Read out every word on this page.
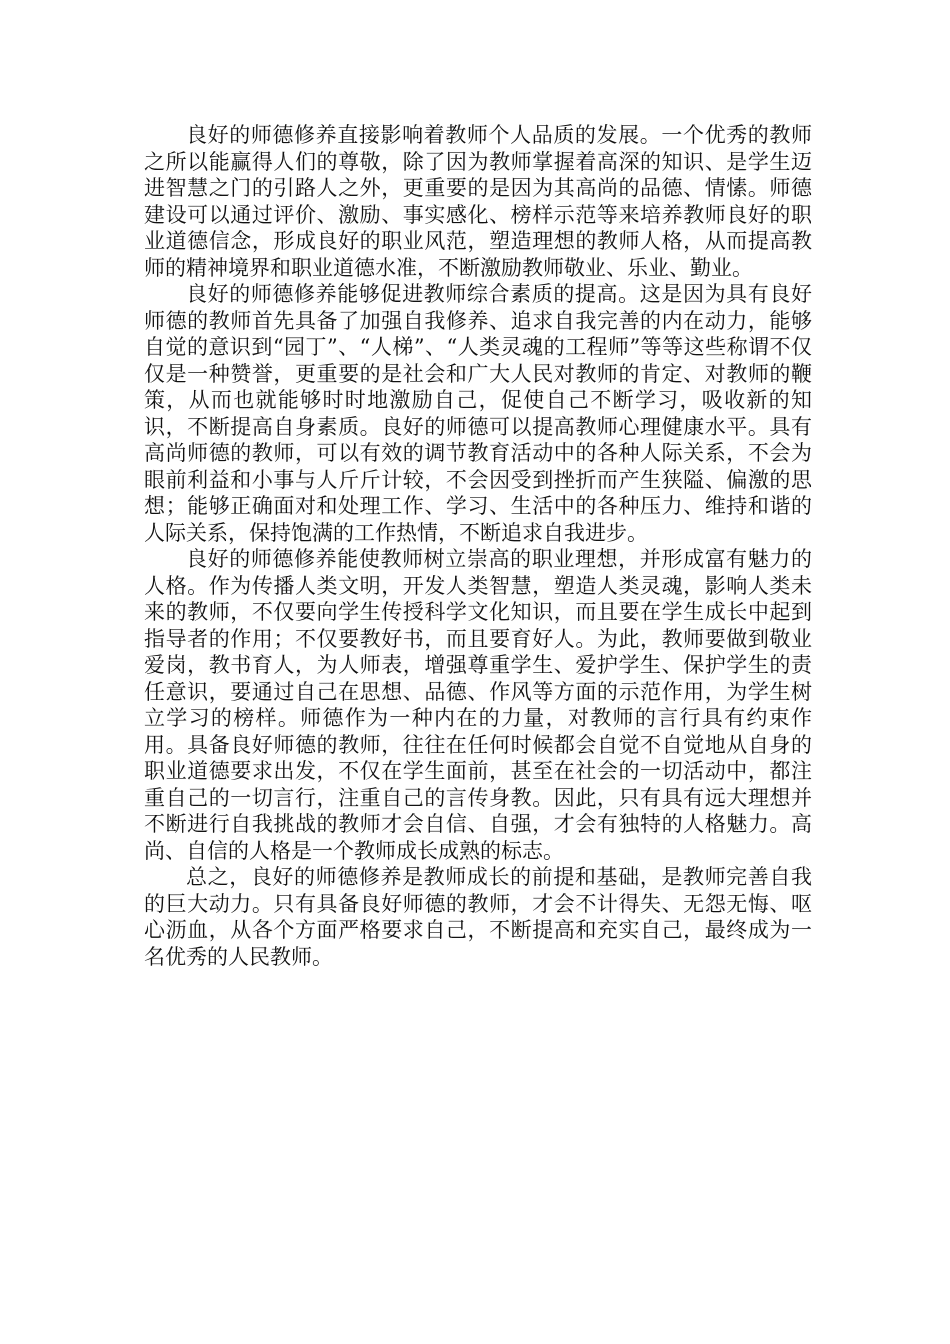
良好的师德修养直接影响着教师个人品质的发展。一个优秀的教师之所以能赢得人们的尊敬，除了因为教师掌握着高深的知识、是学生迈进智慧之门的引路人之外，更重要的是因为其高尚的品德、情愫。师德建设可以通过评价、激励、事实感化、榜样示范等来培养教师良好的职业道德信念，形成良好的职业风范，塑造理想的教师人格，从而提高教师的精神境界和职业道德水准，不断激励教师敬业、乐业、勤业。

良好的师德修养能够促进教师综合素质的提高。这是因为具有良好师德的教师首先具备了加强自我修养、追求自我完善的内在动力，能够自觉的意识到“园丁”、“人梯”、“人类灵魂的工程师”等等这些称谓不仅仅是一种赞誉，更重要的是社会和广大人民对教师的肯定、对教师的鞭策，从而也就能够时时地激励自己，促使自己不断学习，吸收新的知识，不断提高自身素质。良好的师德可以提高教师心理健康水平。具有高尚师德的教师，可以有效的调节教育活动中的各种人际关系，不会为眼前利益和小事与人斤斤计较，不会因受到挫折而产生狭隘、偏激的思想；能够正确面对和处理工作、学习、生活中的各种压力、维持和谐的人际关系，保持饱满的工作热情，不断追求自我进步。

良好的师德修养能使教师树立崇高的职业理想，并形成富有魅力的人格。作为传播人类文明，开发人类智慧，塑造人类灵魂，影响人类未来的教师，不仅要向学生传授科学文化知识，而且要在学生成长中起到指导者的作用；不仅要教好书，而且要育好人。为此，教师要做到敬业爱岗，教书育人，为人师表，增强尊重学生、爱护学生、保护学生的责任意识，要通过自己在思想、品德、作风等方面的示范作用，为学生树立学习的榜样。师德作为一种内在的力量，对教师的言行具有约束作用。具备良好师德的教师，往往在任何时候都会自觉不自觉地从自身的职业道德要求出发，不仅在学生面前，甚至在社会的一切活动中，都注重自己的一切言行，注重自己的言传身教。因此，只有具有远大理想并不断进行自我挑战的教师才会自信、自强，才会有独特的人格魅力。高尚、自信的人格是一个教师成长成熟的标志。

总之，良好的师德修养是教师成长的前提和基础，是教师完善自我的巨大动力。只有具备良好师德的教师，才会不计得失、无怨无悔、呕心沥血，从各个方面严格要求自己，不断提高和充实自己，最终成为一名优秀的人民教师。
